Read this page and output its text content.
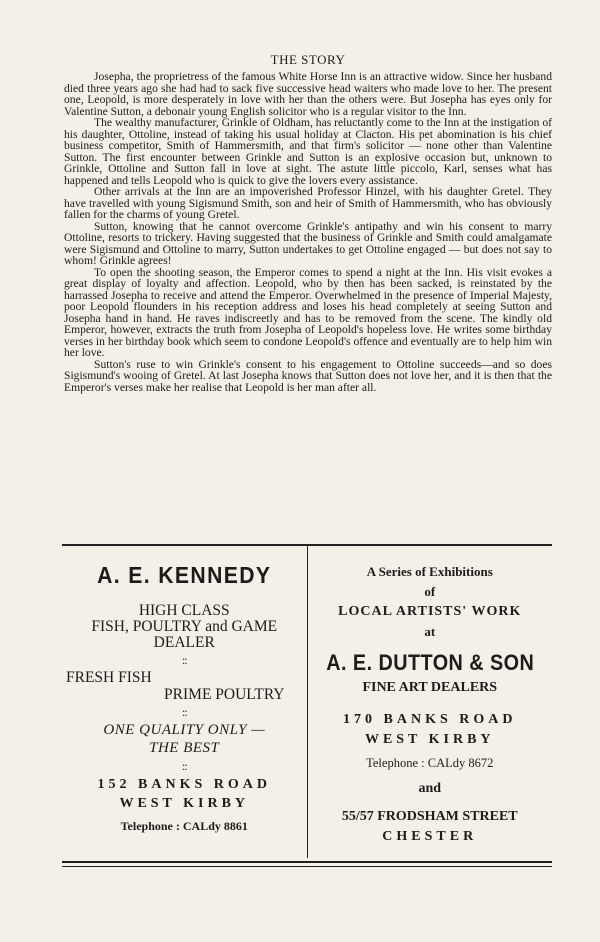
THE STORY

Josepha, the proprietress of the famous White Horse Inn is an attractive widow. Since her husband died three years ago she had had to sack five successive head waiters who made love to her. The present one, Leopold, is more desperately in love with her than the others were. But Josepha has eyes only for Valentine Sutton, a debonair young English solicitor who is a regular visitor to the Inn.

The wealthy manufacturer, Grinkle of Oldham, has reluctantly come to the Inn at the instigation of his daughter, Ottoline, instead of taking his usual holiday at Clacton. His pet abomination is his chief business competitor, Smith of Hammersmith, and that firm's solicitor — none other than Valentine Sutton. The first encounter between Grinkle and Sutton is an explosive occasion but, unknown to Grinkle, Ottoline and Sutton fall in love at sight. The astute little piccolo, Karl, senses what has happened and tells Leopold who is quick to give the lovers every assistance.

Other arrivals at the Inn are an impoverished Professor Hinzel, with his daughter Gretel. They have travelled with young Sigismund Smith, son and heir of Smith of Hammersmith, who has obviously fallen for the charms of young Gretel.

Sutton, knowing that he cannot overcome Grinkle's antipathy and win his consent to marry Ottoline, resorts to trickery. Having suggested that the business of Grinkle and Smith could amalgamate were Sigismund and Ottoline to marry, Sutton undertakes to get Ottoline engaged — but does not say to whom! Grinkle agrees!

To open the shooting season, the Emperor comes to spend a night at the Inn. His visit evokes a great display of loyalty and affection. Leopold, who by then has been sacked, is reinstated by the harrassed Josepha to receive and attend the Emperor. Overwhelmed in the presence of Imperial Majesty, poor Leopold flounders in his reception address and loses his head completely at seeing Sutton and Josepha hand in hand. He raves indiscreetly and has to be removed from the scene. The kindly old Emperor, however, extracts the truth from Josepha of Leopold's hopeless love. He writes some birthday verses in her birthday book which seem to condone Leopold's offence and eventually are to help him win her love.

Sutton's ruse to win Grinkle's consent to his engagement to Ottoline succeeds—and so does Sigismund's wooing of Gretel. At last Josepha knows that Sutton does not love her, and it is then that the Emperor's verses make her realise that Leopold is her man after all.

A. E. KENNEDY
HIGH CLASS
FISH, POULTRY and GAME
DEALER
::
FRESH FISH
PRIME POULTRY
::
ONE QUALITY ONLY —
THE BEST
::
152 BANKS ROAD
WEST KIRBY
Telephone : CALdy 8861
A Series of Exhibitions
of
LOCAL ARTISTS' WORK
at
A. E. DUTTON & SON
FINE ART DEALERS
170 BANKS ROAD
WEST KIRBY
Telephone : CALdy 8672
and
55/57 FRODSHAM STREET
CHESTER
